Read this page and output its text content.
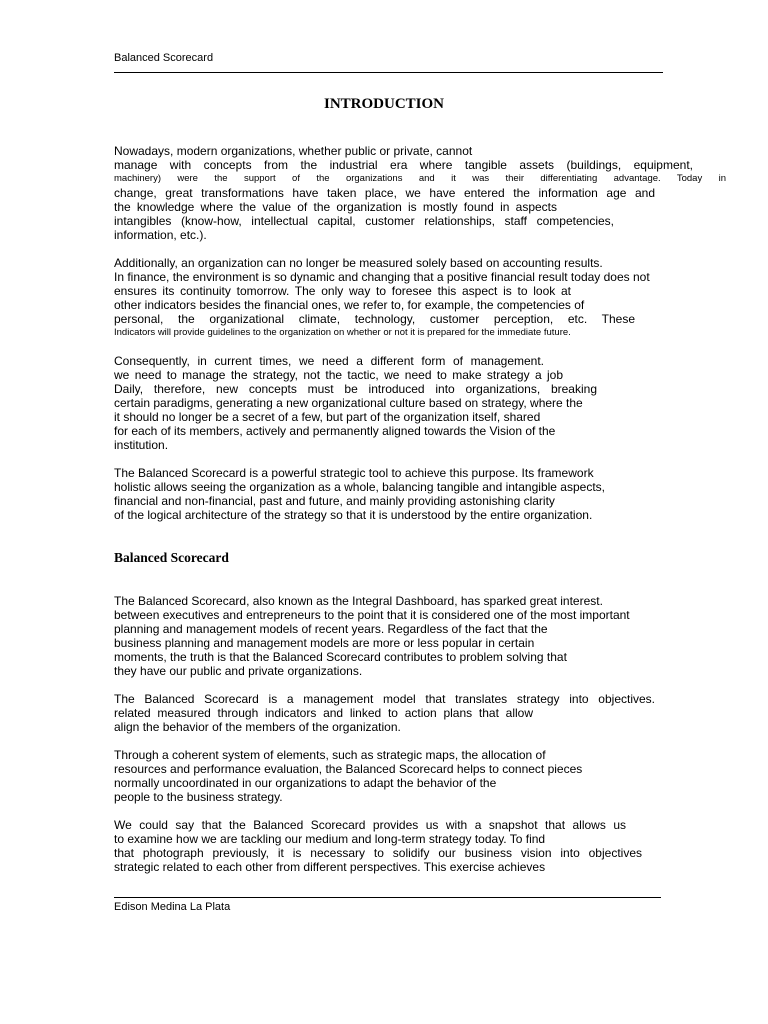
Balanced Scorecard
INTRODUCTION
Nowadays, modern organizations, whether public or private, cannot
manage with concepts from the industrial era where tangible assets (buildings, equipment,
machinery) were the support of the organizations and it was their differentiating advantage. Today in
change, great transformations have taken place, we have entered the information age and
the knowledge where the value of the organization is mostly found in aspects
intangibles (know-how, intellectual capital, customer relationships, staff competencies,
information, etc.).
Additionally, an organization can no longer be measured solely based on accounting results.
In finance, the environment is so dynamic and changing that a positive financial result today does not
ensures its continuity tomorrow. The only way to foresee this aspect is to look at
other indicators besides the financial ones, we refer to, for example, the competencies of
personal, the organizational climate, technology, customer perception, etc. These
Indicators will provide guidelines to the organization on whether or not it is prepared for the immediate future.
Consequently, in current times, we need a different form of management.
we need to manage the strategy, not the tactic, we need to make strategy a job
Daily, therefore, new concepts must be introduced into organizations, breaking
certain paradigms, generating a new organizational culture based on strategy, where the
it should no longer be a secret of a few, but part of the organization itself, shared
for each of its members, actively and permanently aligned towards the Vision of the
institution.
The Balanced Scorecard is a powerful strategic tool to achieve this purpose. Its framework
holistic allows seeing the organization as a whole, balancing tangible and intangible aspects,
financial and non-financial, past and future, and mainly providing astonishing clarity
of the logical architecture of the strategy so that it is understood by the entire organization.
Balanced Scorecard
The Balanced Scorecard, also known as the Integral Dashboard, has sparked great interest.
between executives and entrepreneurs to the point that it is considered one of the most important
planning and management models of recent years. Regardless of the fact that the
business planning and management models are more or less popular in certain
moments, the truth is that the Balanced Scorecard contributes to problem solving that
they have our public and private organizations.
The Balanced Scorecard is a management model that translates strategy into objectives.
related measured through indicators and linked to action plans that allow
align the behavior of the members of the organization.
Through a coherent system of elements, such as strategic maps, the allocation of
resources and performance evaluation, the Balanced Scorecard helps to connect pieces
normally uncoordinated in our organizations to adapt the behavior of the
people to the business strategy.
We could say that the Balanced Scorecard provides us with a snapshot that allows us
to examine how we are tackling our medium and long-term strategy today. To find
that photograph previously, it is necessary to solidify our business vision into objectives
strategic related to each other from different perspectives. This exercise achieves
Edison Medina La Plata
